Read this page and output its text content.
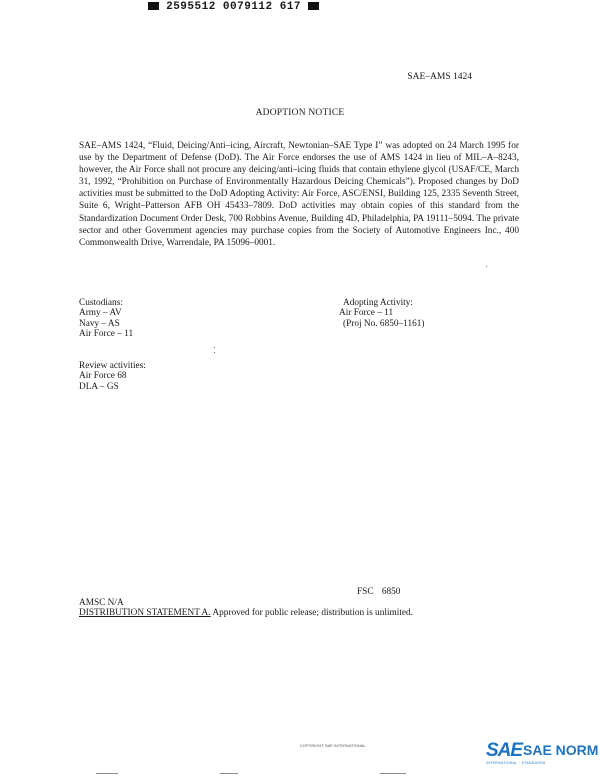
2595512 0079112 617
SAE–AMS 1424
ADOPTION NOTICE

SAE–AMS 1424, “Fluid, Deicing/Anti–icing, Aircraft, Newtonian–SAE Type I” was adopted on 24 March 1995 for use by the Department of Defense (DoD). The Air Force endorses the use of AMS 1424 in lieu of MIL–A–8243, however, the Air Force shall not procure any deicing/anti–icing fluids that contain ethylene glycol (USAF/CE, March 31, 1992, “Prohibition on Purchase of Environmentally Hazardous Deicing Chemicals”). Proposed changes by DoD activities must be submitted to the DoD Adopting Activity: Air Force, ASC/ENSI, Building 125, 2335 Seventh Street, Suite 6, Wright–Patterson AFB OH 45433–7809. DoD activities may obtain copies of this standard from the Standardization Document Order Desk, 700 Robbins Avenue, Building 4D, Philadelphia, PA 19111–5094. The private sector and other Government agencies may purchase copies from the Society of Automotive Engineers Inc., 400 Commonwealth Drive, Warrendale, PA 15096–0001.

Custodians:
Army – AV
Navy – AS
Air Force – 11
Adopting Activity:
Air Force – 11
(Proj No. 6850–1161)
Review activities:
Air Force 68
DLA – GS
FSC 6850
AMSC N/A
DISTRIBUTION STATEMENT A. Approved for public release; distribution is unlimited.
COPYRIGHT SAE INTERNATIONAL	SAE SAE NORM
INTERNATIONAL · STANDARDS
